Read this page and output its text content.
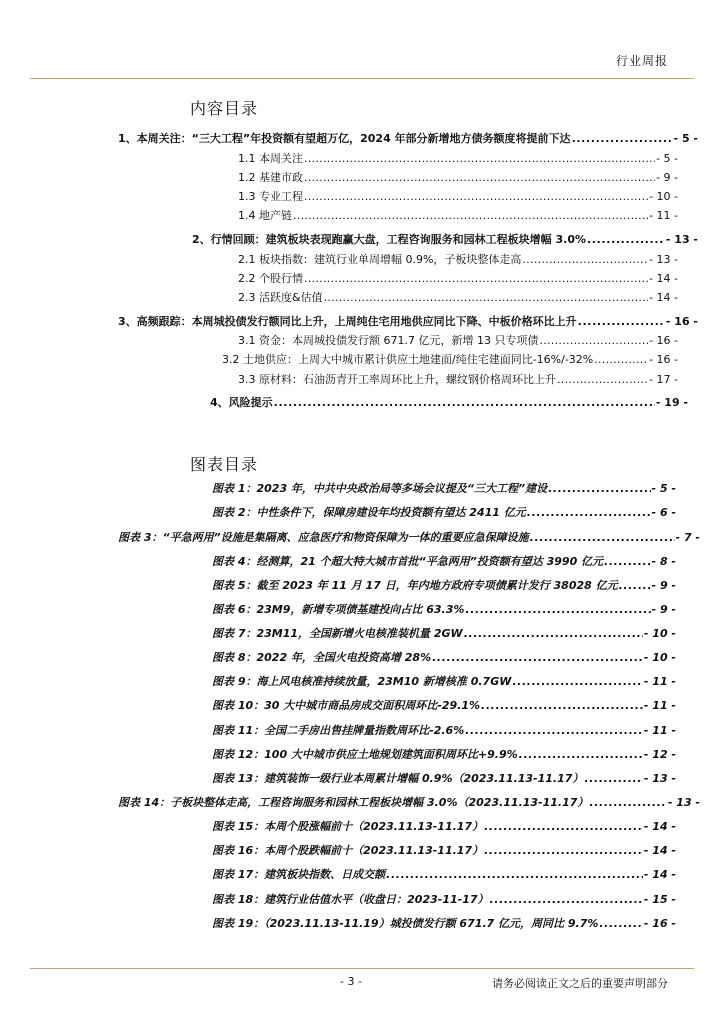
行业周报
内容目录
1、本周关注：“三大工程”年投资额有望超万亿，2024 年部分新增地方债务额度将提前下达 . . .	- 5 -
1.1 本周关注 . . .	- 5 -
1.2 基建市政 . . .	- 9 -
1.3 专业工程 . . .	- 10 -
1.4 地产链 . . .	- 11 -
2、行情回顾：建筑板块表现跑赢大盘，工程咨询服务和园林工程板块增幅 3.0% . . .	- 13 -
2.1 板块指数：建筑行业单周增幅 0.9%，子板块整体走高 . . .	- 13 -
2.2 个股行情 . . .	- 14 -
2.3 活跃度&估值 . . .	- 14 -
3、高频跟踪：本周城投债发行额同比上升，上周纯住宅用地供应同比下降、中板价格环比上升 . . .	- 16 -
3.1 资金：本周城投债发行额 671.7 亿元，新增 13 只专项债 . . .	- 16 -
3.2 土地供应：上周大中城市累计供应土地建面/纯住宅建面同比-16%/-32% . . .	- 16 -
3.3 原材料：石油沥青开工率周环比上升，螺纹钢价格周环比上升 . . .	- 17 -
4、风险提示 . . .	- 19 -
图表目录
图表 1：2023 年，中共中央政治局等多场会议提及“三大工程”建设 . . .	- 5 -
图表 2：中性条件下，保障房建设年均投资额有望达 2411 亿元 . . .	- 6 -
图表 3：“平急两用”设施是集隔离、应急医疗和物资保障为一体的重要应急保障设施 . . .	- 7 -
图表 4：经测算，21 个超大特大城市首批“平急两用”投资额有望达 3990 亿元 . . .	- 8 -
图表 5：截至 2023 年 11 月 17 日，年内地方政府专项债累计发行 38028 亿元 . . .	- 9 -
图表 6：23M9，新增专项债基建投向占比 63.3% . . .	- 9 -
图表 7：23M11，全国新增火电核准装机量 2GW . . .	- 10 -
图表 8：2022 年，全国火电投资高增 28% . . .	- 10 -
图表 9：海上风电核准持续放量，23M10 新增核准 0.7GW . . .	- 11 -
图表 10：30 大中城市商品房成交面积周环比-29.1% . . .	- 11 -
图表 11：全国二手房出售挂牌量指数周环比-2.6% . . .	- 11 -
图表 12：100 大中城市供应土地规划建筑面积周环比+9.9% . . .	- 12 -
图表 13：建筑装饰一级行业本周累计增幅 0.9%（2023.11.13-11.17） . . .	- 13 -
图表 14：子板块整体走高，工程咨询服务和园林工程板块增幅 3.0%（2023.11.13-11.17） . . .	- 13 -
图表 15：本周个股涨幅前十（2023.11.13-11.17） . . .	- 14 -
图表 16：本周个股跌幅前十（2023.11.13-11.17） . . .	- 14 -
图表 17：建筑板块指数、日成交额 . . .	- 14 -
图表 18：建筑行业估值水平（收盘日：2023-11-17） . . .	- 15 -
图表 19：（2023.11.13-11.19）城投债发行额 671.7 亿元，周同比 9.7% . . .	- 16 -
- 3 -	请务必阅读正文之后的重要声明部分
